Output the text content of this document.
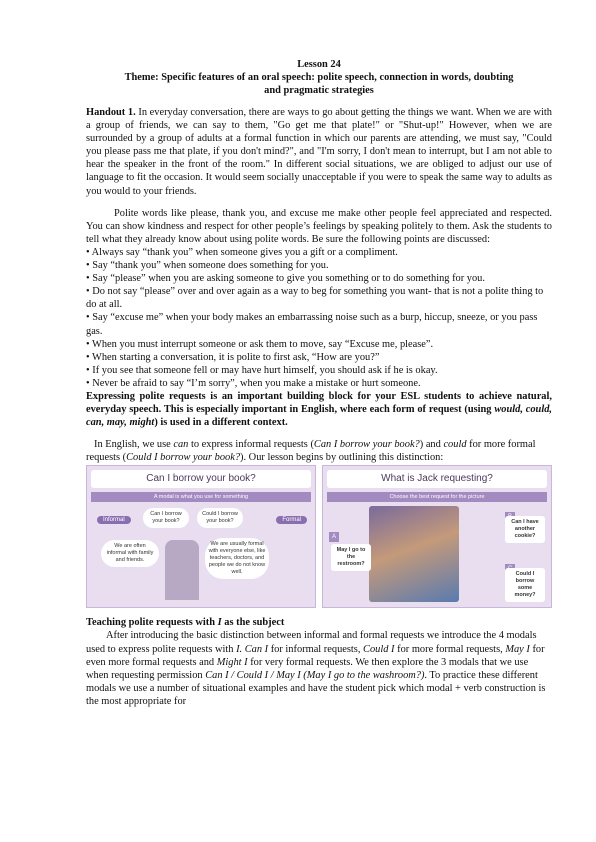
Lesson 24
Theme: Specific features of an oral speech: polite speech, connection in words, doubting
and pragmatic strategies

Handout 1. In everyday conversation, there are ways to go about getting the things we want. When we are with a group of friends, we can say to them, "Go get me that plate!" or "Shut-up!" However, when we are surrounded by a group of adults at a formal function in which our parents are attending, we must say, "Could you please pass me that plate, if you don't mind?", and "I'm sorry, I don't mean to interrupt, but I am not able to hear the speaker in the front of the room." In different social situations, we are obliged to adjust our use of language to fit the occasion. It would seem socially unacceptable if you were to speak the same way to adults as you would to your friends.

Polite words like please, thank you, and excuse me make other people feel appreciated and respected. You can show kindness and respect for other people’s feelings by speaking politely to them. Ask the students to tell what they already know about using polite words. Be sure the following points are discussed:

• Always say “thank you” when someone gives you a gift or a compliment.
• Say “thank you” when someone does something for you.
• Say “please” when you are asking someone to give you something or to do something for you.
• Do not say “please” over and over again as a way to beg for something you want- that is not a polite thing to do at all.
• Say “excuse me” when your body makes an embarrassing noise such as a burp, hiccup, sneeze, or you pass gas.
• When you must interrupt someone or ask them to move, say “Excuse me, please”.
• When starting a conversation, it is polite to first ask, “How are you?”
• If you see that someone fell or may have hurt himself, you should ask if he is okay.
• Never be afraid to say “I’m sorry”, when you make a mistake or hurt someone.

Expressing polite requests is an important building block for your ESL students to achieve natural, everyday speech. This is especially important in English, where each form of request (using would, could, can, may, might) is used in a different context.

In English, we use can to express informal requests (Can I borrow your book?) and could for more formal requests (Could I borrow your book?). Our lesson begins by outlining this distinction:

Can I borrow your book?
A modal is what you use for something
Informal	Formal
Can I borrow your book?
Could I borrow your book?
We are often informal with family and friends.
We are usually formal with everyone else, like teachers, doctors, and people we do not know well.
What is Jack requesting?
Choose the best request for the picture
A
May I go to the restroom?
Can I have another cookie?
Could I borrow some money?
Teaching polite requests with I as the subject

After introducing the basic distinction between informal and formal requests we introduce the 4 modals used to express polite requests with I. Can I for informal requests, Could I for more formal requests, May I for even more formal requests and Might I for very formal requests. We then explore the 3 modals that we use when requesting permission Can I / Could I / May I (May I go to the washroom?). To practice these different modals we use a number of situational examples and have the student pick which modal + verb construction is the most appropriate for
